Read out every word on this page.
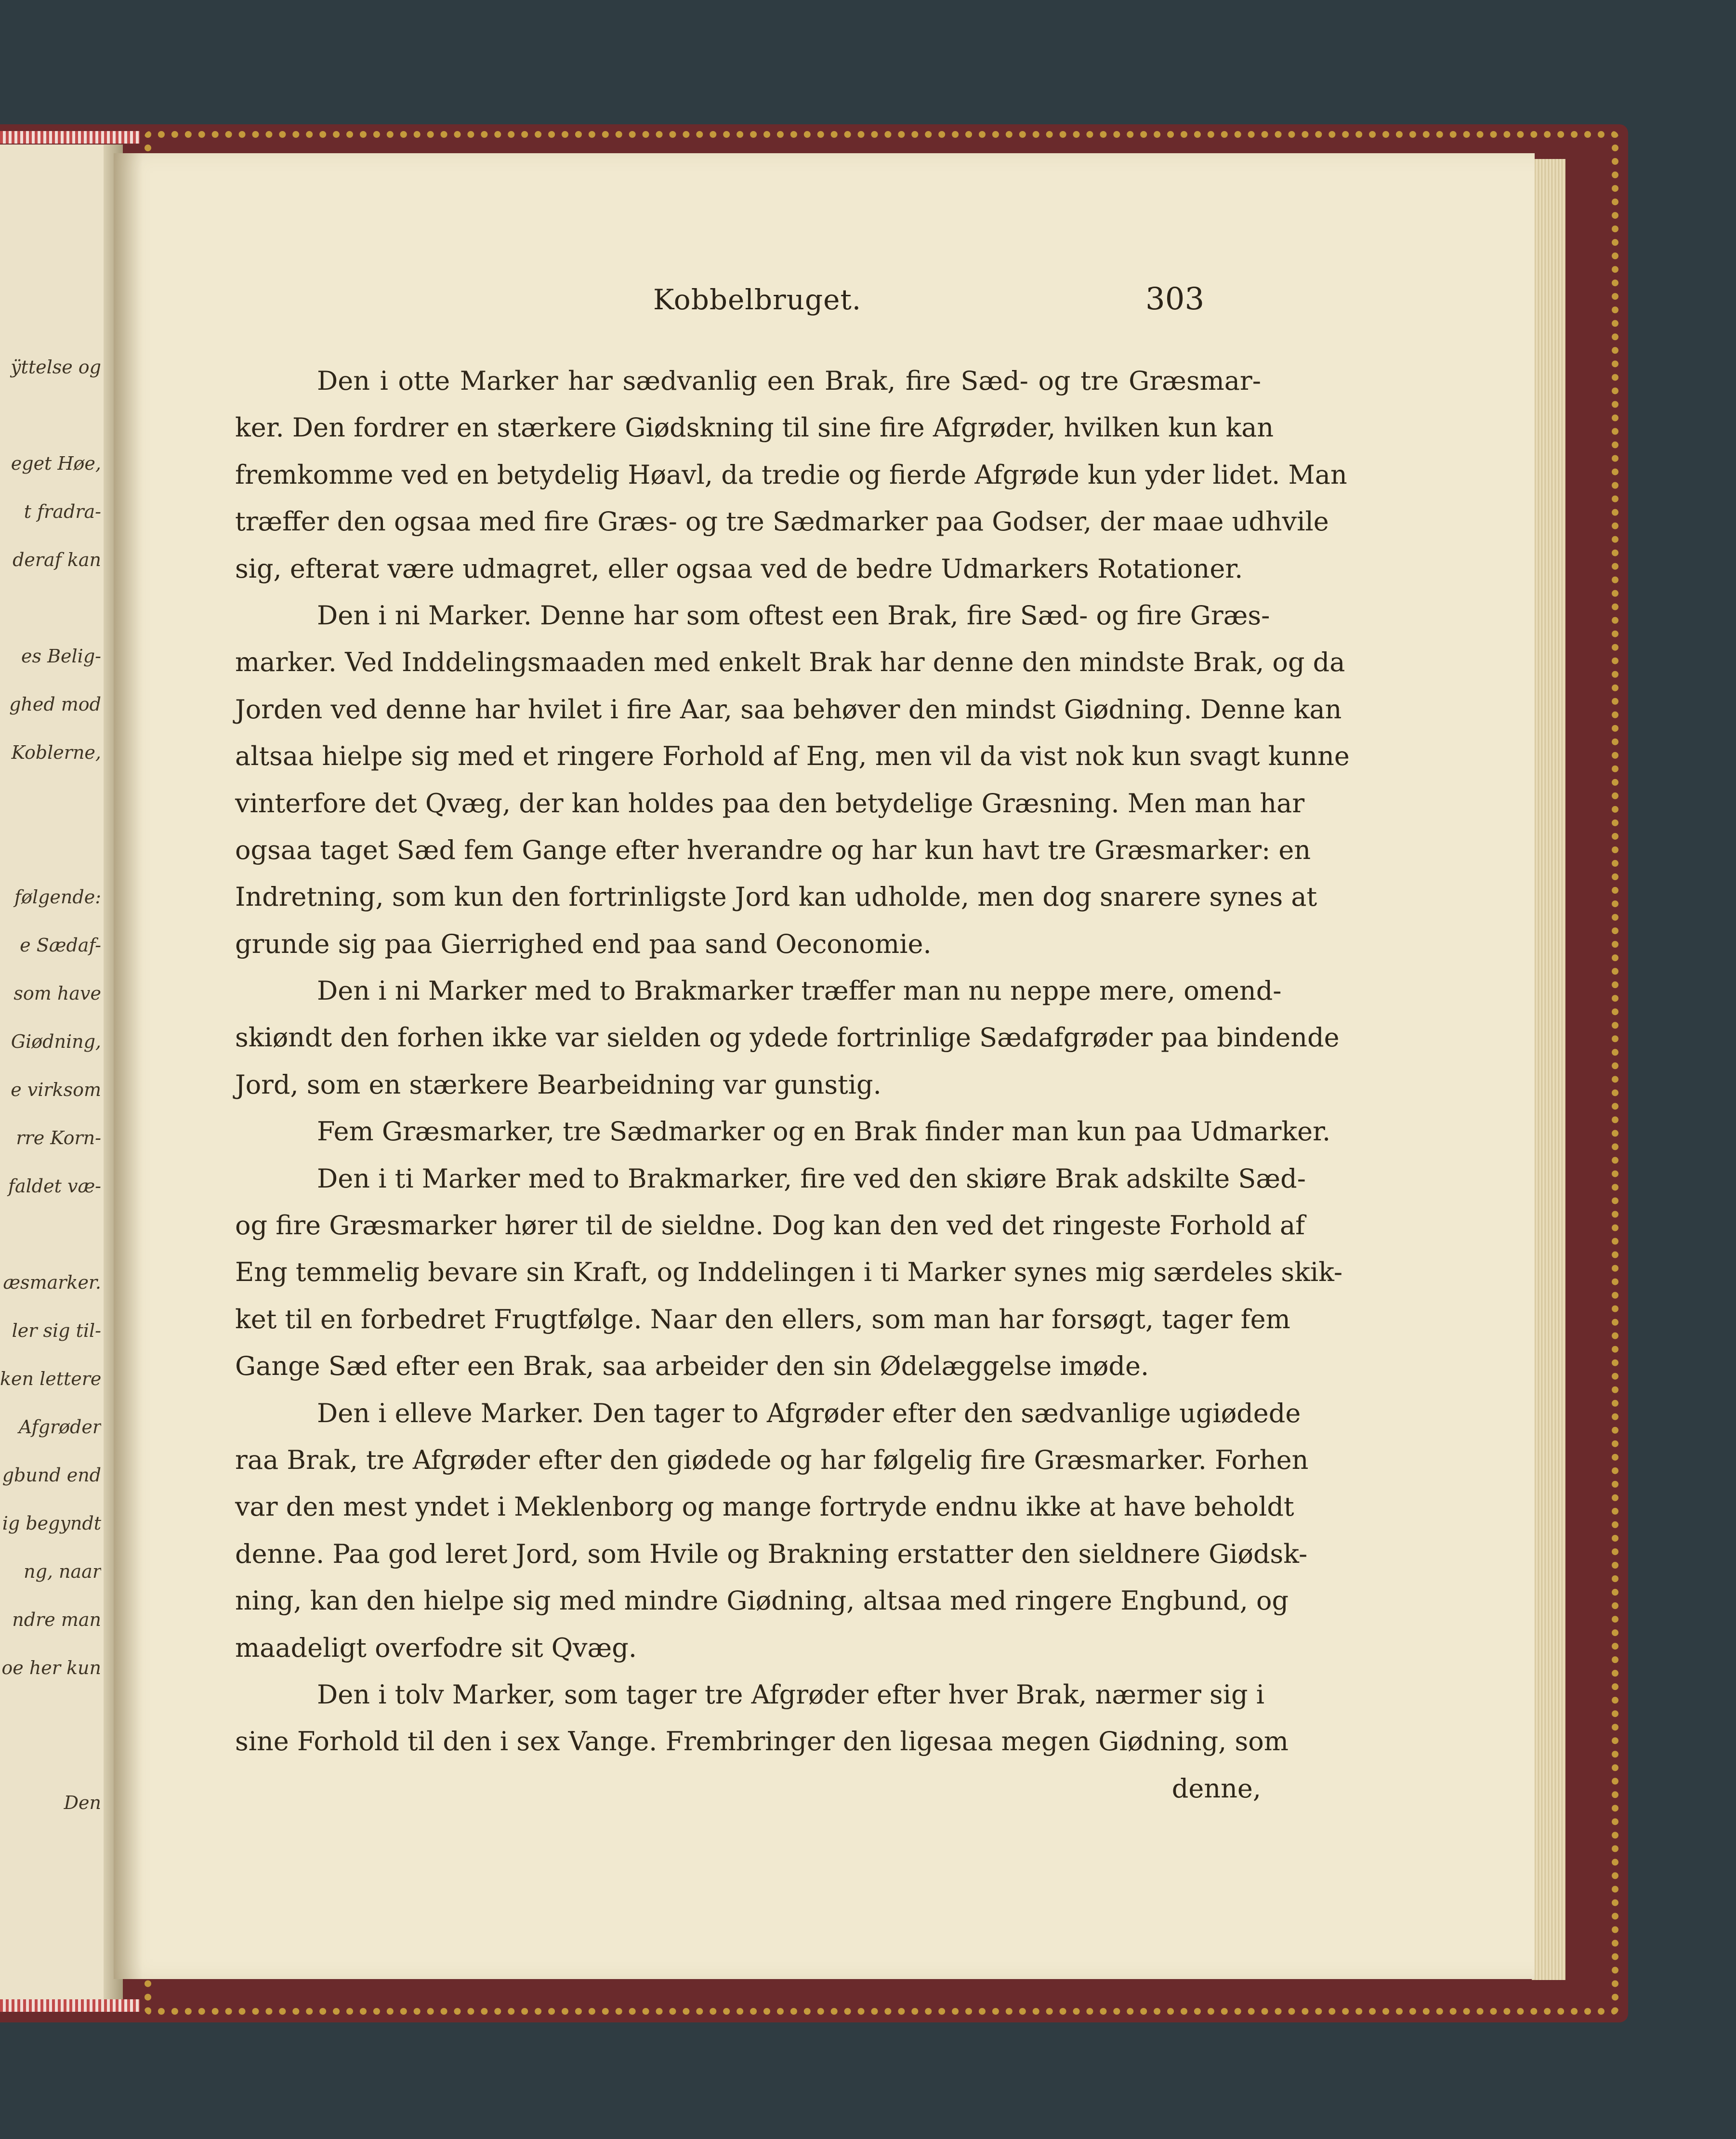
ÿttelse og
eget Høe,
t fradra-
deraf kan
es Belig-
ghed mod
Koblerne,
følgende:
e Sædaf-
som have
Giødning,
e virksom
rre Korn-
faldet væ-
æsmarker.
ler sig til-
ken lettere
Afgrøder
gbund end
ig begyndt
ng, naar
ndre man
oe her kun
Den
Kobbelbruget.	303
Den i otte Marker har sædvanlig een Brak, fire Sæd- og tre Græsmar-
ker. Den fordrer en stærkere Giødskning til sine fire Afgrøder, hvilken kun kan
fremkomme ved en betydelig Høavl, da tredie og fierde Afgrøde kun yder lidet. Man
træffer den ogsaa med fire Græs- og tre Sædmarker paa Godser, der maae udhvile
sig, efterat være udmagret, eller ogsaa ved de bedre Udmarkers Rotationer.
Den i ni Marker. Denne har som oftest een Brak, fire Sæd- og fire Græs-
marker. Ved Inddelingsmaaden med enkelt Brak har denne den mindste Brak, og da
Jorden ved denne har hvilet i fire Aar, saa behøver den mindst Giødning. Denne kan
altsaa hielpe sig med et ringere Forhold af Eng, men vil da vist nok kun svagt kunne
vinterfore det Qvæg, der kan holdes paa den betydelige Græsning. Men man har
ogsaa taget Sæd fem Gange efter hverandre og har kun havt tre Græsmarker: en
Indretning, som kun den fortrinligste Jord kan udholde, men dog snarere synes at
grunde sig paa Gierrighed end paa sand Oeconomie.
Den i ni Marker med to Brakmarker træffer man nu neppe mere, omend-
skiøndt den forhen ikke var sielden og ydede fortrinlige Sædafgrøder paa bindende
Jord, som en stærkere Bearbeidning var gunstig.
Fem Græsmarker, tre Sædmarker og en Brak finder man kun paa Udmarker.
Den i ti Marker med to Brakmarker, fire ved den skiøre Brak adskilte Sæd-
og fire Græsmarker hører til de sieldne. Dog kan den ved det ringeste Forhold af
Eng temmelig bevare sin Kraft, og Inddelingen i ti Marker synes mig særdeles skik-
ket til en forbedret Frugtfølge. Naar den ellers, som man har forsøgt, tager fem
Gange Sæd efter een Brak, saa arbeider den sin Ødelæggelse imøde.
Den i elleve Marker. Den tager to Afgrøder efter den sædvanlige ugiødede
raa Brak, tre Afgrøder efter den giødede og har følgelig fire Græsmarker. Forhen
var den mest yndet i Meklenborg og mange fortryde endnu ikke at have beholdt
denne. Paa god leret Jord, som Hvile og Brakning erstatter den sieldnere Giødsk-
ning, kan den hielpe sig med mindre Giødning, altsaa med ringere Engbund, og
maadeligt overfodre sit Qvæg.
Den i tolv Marker, som tager tre Afgrøder efter hver Brak, nærmer sig i
sine Forhold til den i sex Vange. Frembringer den ligesaa megen Giødning, som
denne,
